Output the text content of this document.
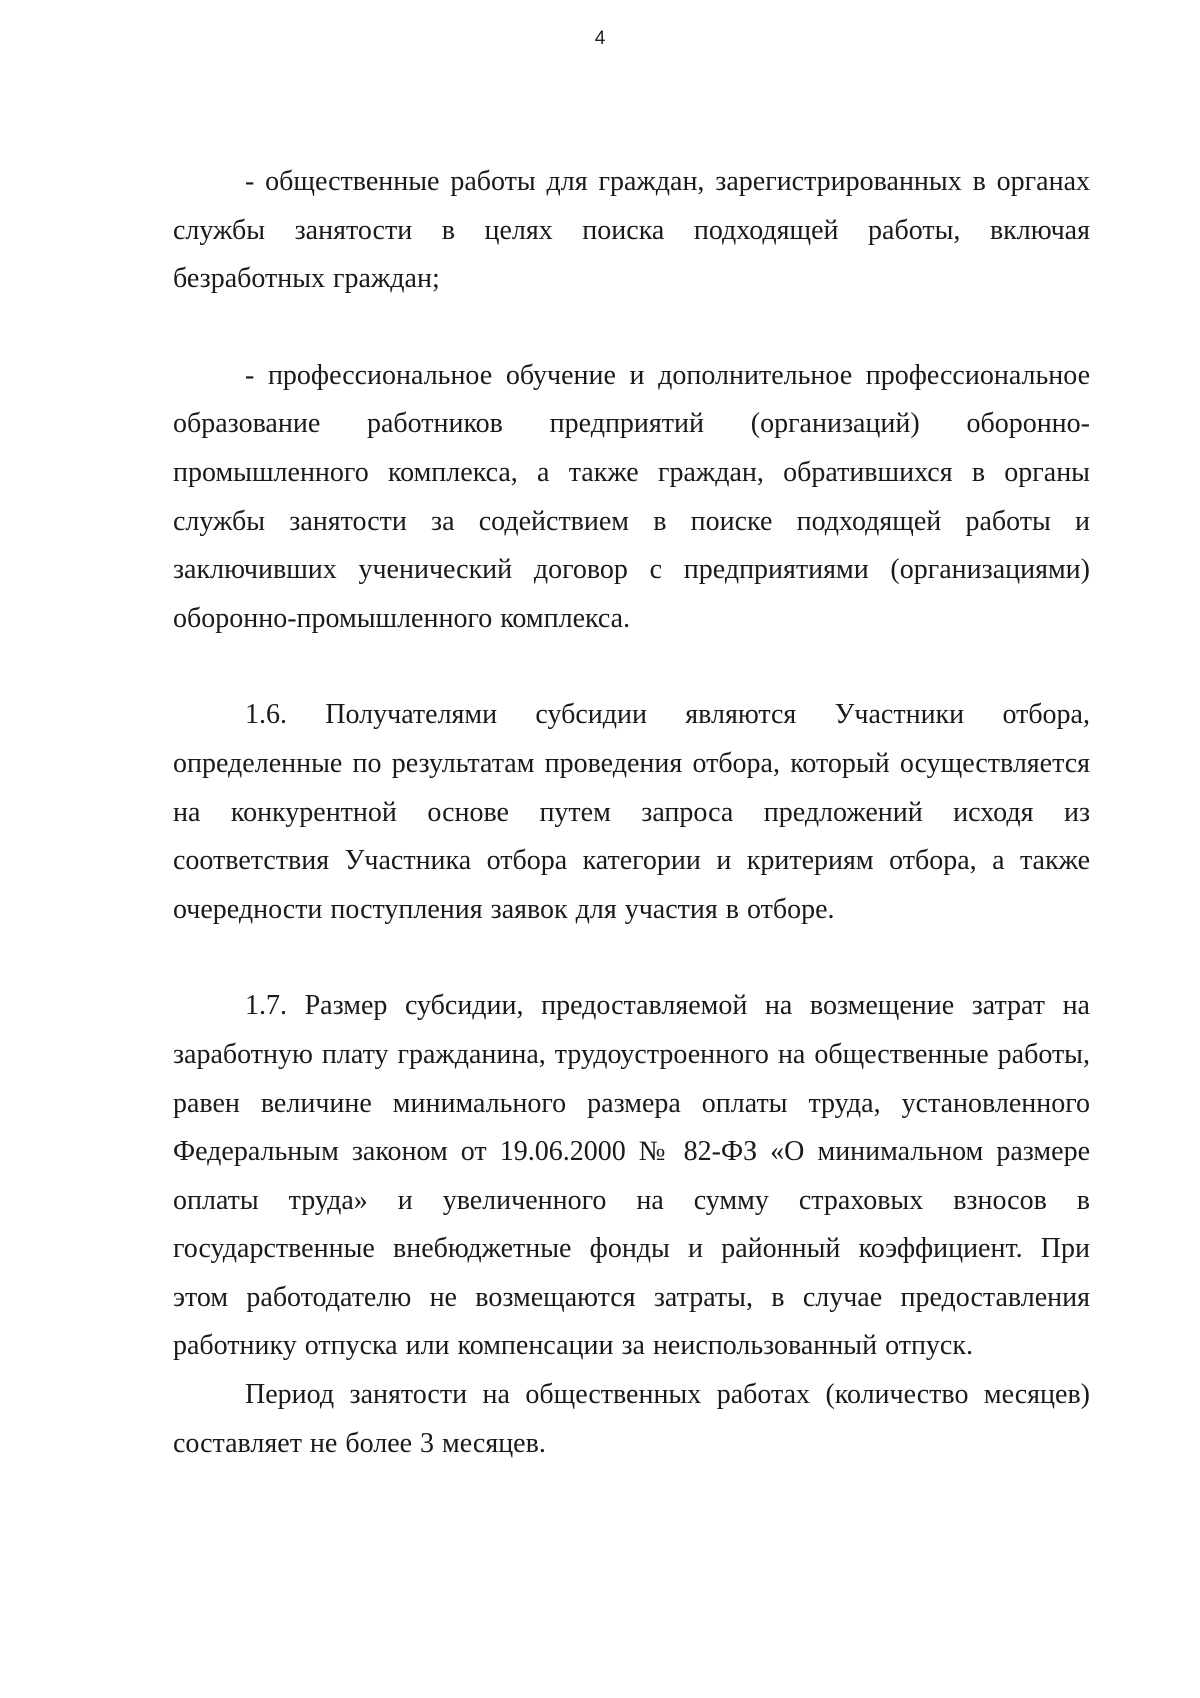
4

- общественные работы для граждан, зарегистрированных в органах службы занятости в целях поиска подходящей работы, включая безработных граждан;

- профессиональное обучение и дополнительное профессиональное образование работников предприятий (организаций) оборонно-промышленного комплекса, а также граждан, обратившихся в органы службы занятости за содействием в поиске подходящей работы и заключивших ученический договор с предприятиями (организациями) оборонно-промышленного комплекса.

1.6. Получателями субсидии являются Участники отбора, определенные по результатам проведения отбора, который осуществляется на конкурентной основе путем запроса предложений исходя из соответствия Участника отбора категории и критериям отбора, а также очередности поступления заявок для участия в отборе.

1.7. Размер субсидии, предоставляемой на возмещение затрат на заработную плату гражданина, трудоустроенного на общественные работы, равен величине минимального размера оплаты труда, установленного Федеральным законом от 19.06.2000 № 82-ФЗ «О минимальном размере оплаты труда» и увеличенного на сумму страховых взносов в государственные внебюджетные фонды и районный коэффициент. При этом работодателю не возмещаются затраты, в случае предоставления работнику отпуска или компенсации за неиспользованный отпуск.

Период занятости на общественных работах (количество месяцев) составляет не более 3 месяцев.
